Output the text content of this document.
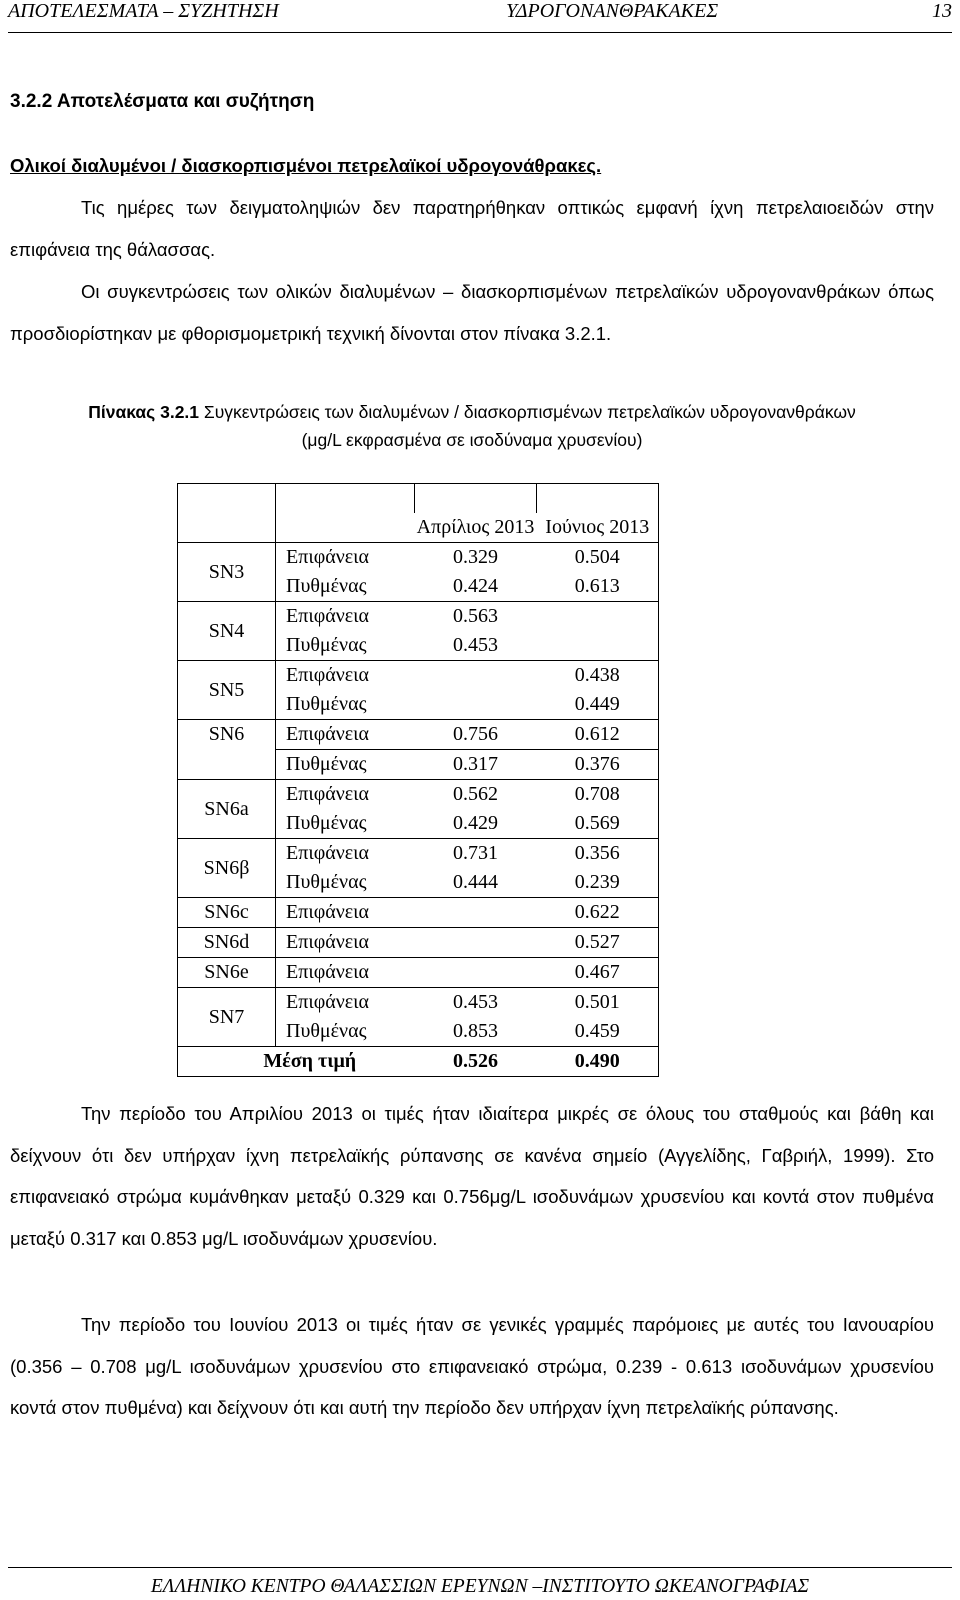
ΑΠΟΤΕΛΕΣΜΑΤΑ – ΣΥΖΗΤΗΣΗ	ΥΔΡΟΓΟΝΑΝΘΡΑΚΑΚΕΣ	13
3.2.2 Αποτελέσματα και συζήτηση
Ολικοί διαλυμένοι / διασκορπισμένοι πετρελαϊκοί υδρογονάθρακες.

Τις ημέρες των δειγματοληψιών δεν παρατηρήθηκαν οπτικώς εμφανή ίχνη πετρελαιοειδών στην επιφάνεια της θάλασσας.

Οι συγκεντρώσεις των ολικών διαλυμένων – διασκορπισμένων πετρελαϊκών υδρογονανθράκων όπως προσδιορίστηκαν με φθορισμομετρική τεχνική δίνονται στον πίνακα 3.2.1.

Πίνακας 3.2.1 Συγκεντρώσεις των διαλυμένων / διασκορπισμένων πετρελαϊκών υδρογονανθράκων
(μg/L εκφρασμένα σε ισοδύναμα χρυσενίου)

		Απρίλιος 2013	Ιούνιος 2013
SN3	Επιφάνεια	0.329	0.504
	Πυθμένας	0.424	0.613
SN4	Επιφάνεια	0.563	
	Πυθμένας	0.453	
SN5	Επιφάνεια		0.438
	Πυθμένας		0.449
SN6	Επιφάνεια	0.756	0.612
	Πυθμένας	0.317	0.376
SN6a	Επιφάνεια	0.562	0.708
	Πυθμένας	0.429	0.569
SN6β	Επιφάνεια	0.731	0.356
	Πυθμένας	0.444	0.239
SN6c	Επιφάνεια		0.622
SN6d	Επιφάνεια		0.527
SN6e	Επιφάνεια		0.467
SN7	Επιφάνεια	0.453	0.501
	Πυθμένας	0.853	0.459
Μέση τιμή		0.526	0.490

Την περίοδο του Απριλίου 2013 οι τιμές ήταν ιδιαίτερα μικρές σε όλους του σταθμούς και βάθη και δείχνουν ότι δεν υπήρχαν ίχνη πετρελαϊκής ρύπανσης σε κανένα σημείο (Αγγελίδης, Γαβριήλ, 1999). Στο επιφανειακό στρώμα κυμάνθηκαν μεταξύ 0.329 και 0.756μg/L ισοδυνάμων χρυσενίου και κοντά στον πυθμένα μεταξύ 0.317 και 0.853 μg/L ισοδυνάμων χρυσενίου.

Την περίοδο του Ιουνίου 2013 οι τιμές ήταν σε γενικές γραμμές παρόμοιες με αυτές του Ιανουαρίου (0.356 – 0.708 μg/L ισοδυνάμων χρυσενίου στο επιφανειακό στρώμα, 0.239 - 0.613 ισοδυνάμων χρυσενίου κοντά στον πυθμένα) και δείχνουν ότι και αυτή την περίοδο δεν υπήρχαν ίχνη πετρελαϊκής ρύπανσης.

ΕΛΛΗΝΙΚΟ ΚΕΝΤΡΟ ΘΑΛΑΣΣΙΩΝ ΕΡΕΥΝΩΝ –ΙΝΣΤΙΤΟΥΤΟ ΩΚΕΑΝΟΓΡΑΦΙΑΣ
